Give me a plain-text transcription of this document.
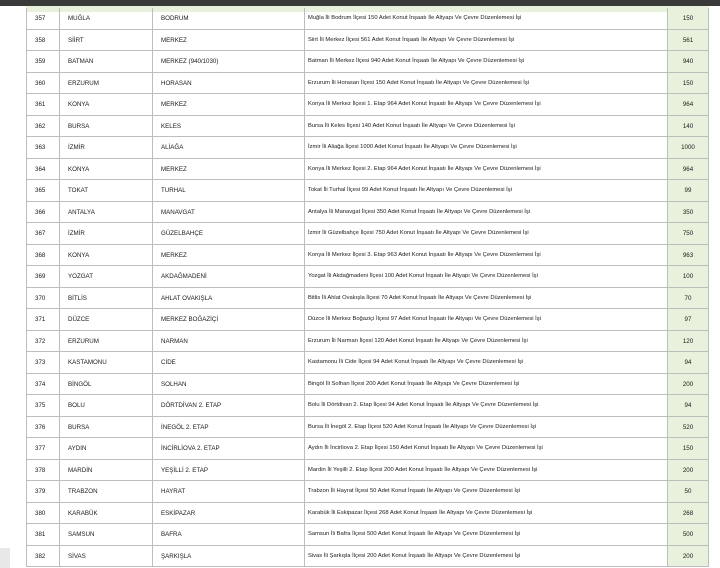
357	MUĞLA	BODRUM	Muğla İli Bodrum İlçesi 150 Adet Konut İnşaatı İle Altyapı Ve Çevre Düzenlemesi İşi	150
358	SİİRT	MERKEZ	Siirt İli Merkez İlçesi 561 Adet Konut İnşaatı İle Altyapı Ve Çevre Düzenlemesi İşi	561
359	BATMAN	MERKEZ (940/1030)	Batman İli Merkez İlçesi 940 Adet Konut İnşaatı İle Altyapı Ve Çevre Düzenlemesi İşi	940
360	ERZURUM	HORASAN	Erzurum İli Horasan İlçesi 150 Adet Konut İnşaatı İle Altyapı Ve Çevre Düzenlemesi İşi	150
361	KONYA	MERKEZ	Konya İli Merkez İlçesi 1. Etap 964 Adet Konut İnşaatı İle Altyapı Ve Çevre Düzenlemesi İşi	964
362	BURSA	KELES	Bursa İli Keles İlçesi 140 Adet Konut İnşaatı İle Altyapı Ve Çevre Düzenlemesi İşi	140
363	İZMİR	ALİAĞA	İzmir İli Aliağa İlçesi 1000 Adet Konut İnşaatı İle Altyapı Ve Çevre Düzenlemesi İşi	1000
364	KONYA	MERKEZ	Konya İli Merkez İlçesi 2. Etap 964 Adet Konut İnşaatı İle Altyapı Ve Çevre Düzenlemesi İşi	964
365	TOKAT	TURHAL	Tokat İli Turhal İlçesi 99 Adet Konut İnşaatı İle Altyapı Ve Çevre Düzenlemesi İşi	99
366	ANTALYA	MANAVGAT	Antalya İli Manavgat İlçesi 350 Adet Konut İnşaatı İle Altyapı Ve Çevre Düzenlemesi İşi	350
367	İZMİR	GÜZELBAHÇE	İzmir İli Güzelbahçe İlçesi 750 Adet Konut İnşaatı İle Altyapı Ve Çevre Düzenlemesi İşi	750
368	KONYA	MERKEZ	Konya İli Merkez İlçesi 3. Etap 963 Adet Konut İnşaatı İle Altyapı Ve Çevre Düzenlemesi İşi	963
369	YOZGAT	AKDAĞMADENİ	Yozgat İli Akdağmadeni İlçesi 100 Adet Konut İnşaatı İle Altyapı Ve Çevre Düzenlemesi İşi	100
370	BİTLİS	AHLAT OVAKIŞLA	Bitlis İli Ahlat Ovakışla İlçesi 70 Adet Konut İnşaatı İle Altyapı Ve Çevre Düzenlemesi İşi	70
371	DÜZCE	MERKEZ BOĞAZİÇİ	Düzce İli Merkez Boğaziçi İlçesi 97 Adet Konut İnşaatı İle Altyapı Ve Çevre Düzenlemesi İşi	97
372	ERZURUM	NARMAN	Erzurum İli Narman İlçesi 120 Adet Konut İnşaatı İle Altyapı Ve Çevre Düzenlemesi İşi	120
373	KASTAMONU	CİDE	Kastamonu İli Cide İlçesi 94 Adet Konut İnşaatı İle Altyapı Ve Çevre Düzenlemesi İşi	94
374	BİNGÖL	SOLHAN	Bingöl İli Solhan İlçesi 200 Adet Konut İnşaatı İle Altyapı Ve Çevre Düzenlemesi İşi	200
375	BOLU	DÖRTDİVAN 2. ETAP	Bolu İli Dörtdivan 2. Etap İlçesi 94 Adet Konut İnşaatı İle Altyapı Ve Çevre Düzenlemesi İşi	94
376	BURSA	İNEGÖL 2. ETAP	Bursa İli İnegöl 2. Etap İlçesi 520 Adet Konut İnşaatı İle Altyapı Ve Çevre Düzenlemesi İşi	520
377	AYDIN	İNCİRLİOVA 2. ETAP	Aydın İli İncirliova 2. Etap İlçesi 150 Adet Konut İnşaatı İle Altyapı Ve Çevre Düzenlemesi İşi	150
378	MARDİN	YEŞİLLİ 2. ETAP	Mardin İli Yeşilli 2. Etap İlçesi 200 Adet Konut İnşaatı İle Altyapı Ve Çevre Düzenlemesi İşi	200
379	TRABZON	HAYRAT	Trabzon İli Hayrat İlçesi 50 Adet Konut İnşaatı İle Altyapı Ve Çevre Düzenlemesi İşi	50
380	KARABÜK	ESKİPAZAR	Karabük İli Eskipazar İlçesi 268 Adet Konut İnşaatı İle Altyapı Ve Çevre Düzenlemesi İşi	268
381	SAMSUN	BAFRA	Samsun İli Bafra İlçesi 500 Adet Konut İnşaatı İle Altyapı Ve Çevre Düzenlemesi İşi	500
382	SİVAS	ŞARKIŞLA	Sivas İli Şarkışla İlçesi 200 Adet Konut İnşaatı İle Altyapı Ve Çevre Düzenlemesi İşi	200
